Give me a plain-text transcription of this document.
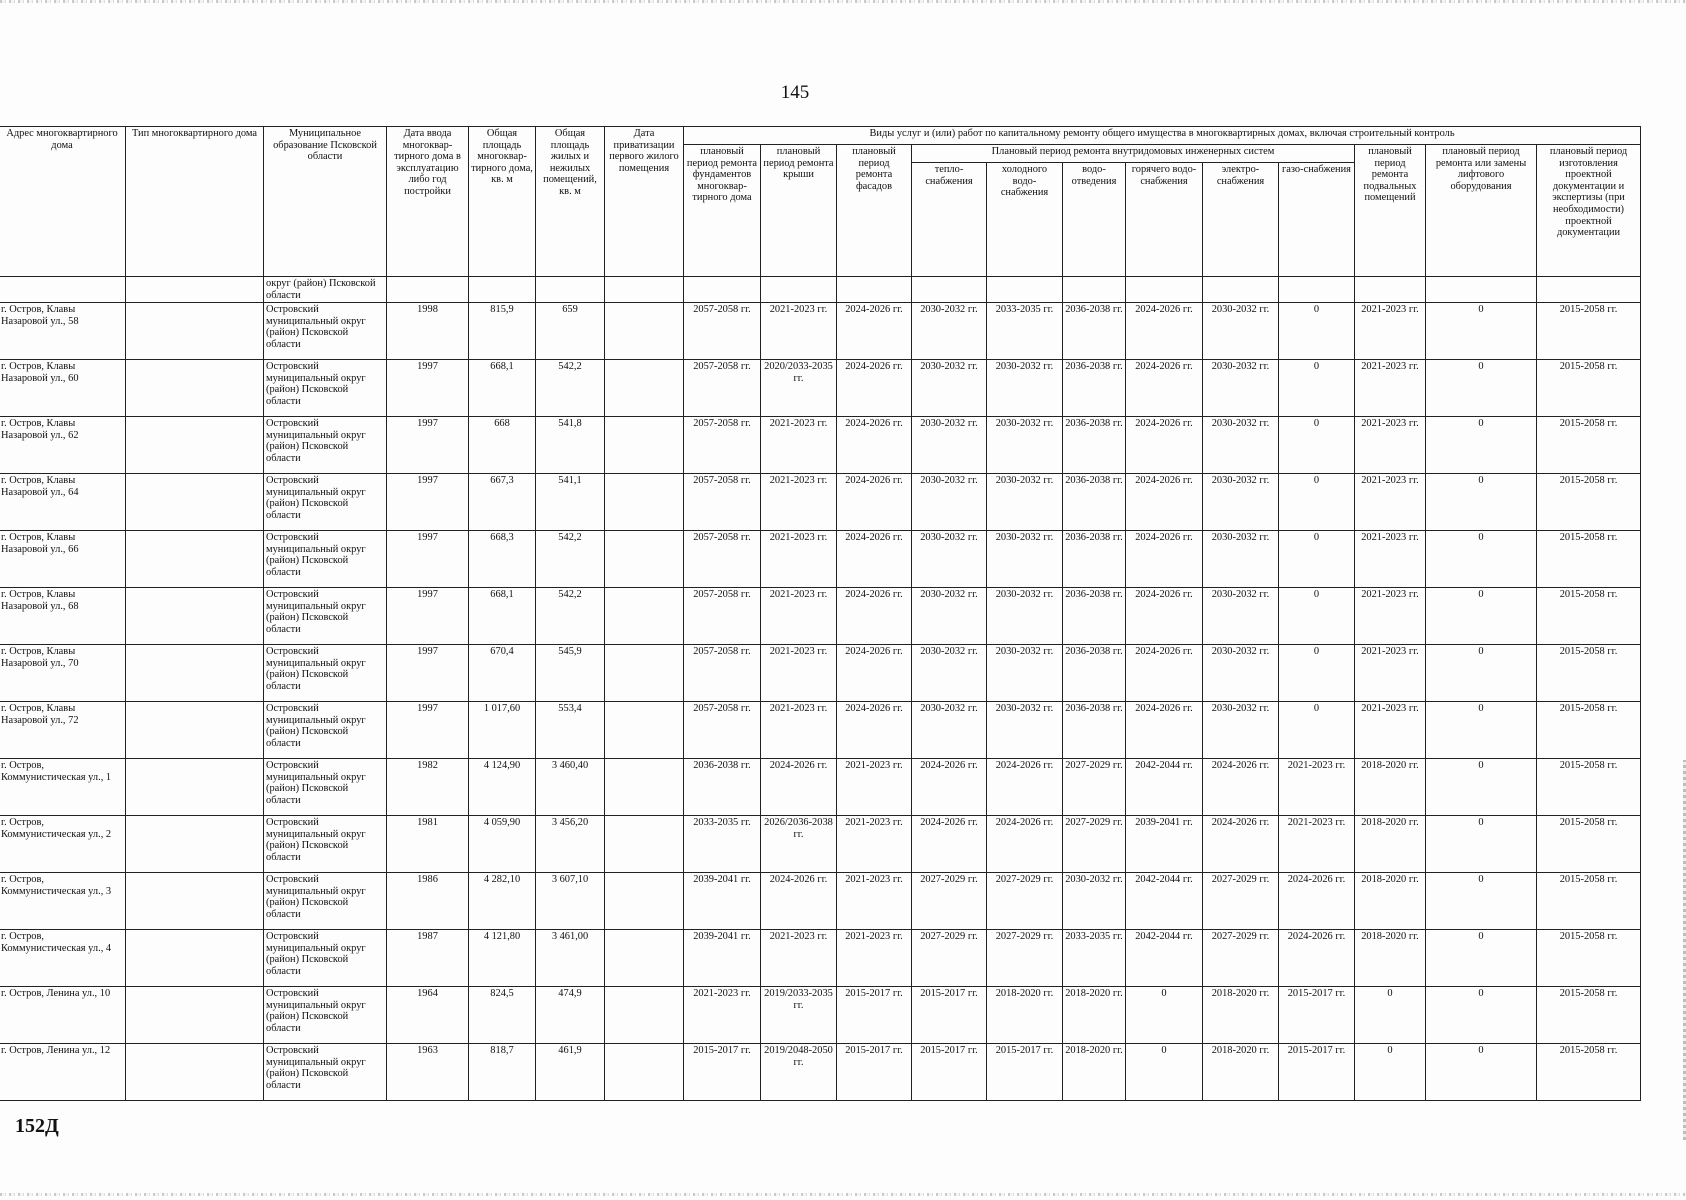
145
Адрес многоквартирного дома	Тип многоквартирного дома	Муниципальное образование Псковской области	Дата ввода многоквар-тирного дома в эксплуатацию либо год постройки	Общая площадь многоквар-тирного дома, кв. м	Общая площадь жилых и нежилых помещений, кв. м	Дата приватизации первого жилого помещения	Виды услуг и (или) работ по капитальному ремонту общего имущества в многоквартирных домах, включая строительный контроль											
							плановый период ремонта фундаментов многоквар-тирного дома	плановый период ремонта крыши	плановый период ремонта фасадов	Плановый период ремонта внутридомовых инженерных систем						плановый период ремонта подвальных помещений	плановый период ремонта или замены лифтового оборудования	плановый период изготовления проектной документации и экспертизы (при необходимости) проектной документации
										тепло-снабжения	холодного водо-снабжения	водо-отведения	горячего водо-снабжения	электро-снабжения	газо-снабжения			
		округ (район) Псковской области																
г. Остров, Клавы Назаровой ул., 58		Островский муниципальный округ (район) Псковской области	1998	815,9	659		2057-2058 гг.	2021-2023 гг.	2024-2026 гг.	2030-2032 гг.	2033-2035 гг.	2036-2038 гг.	2024-2026 гг.	2030-2032 гг.	0	2021-2023 гг.	0	2015-2058 гг.
г. Остров, Клавы Назаровой ул., 60		Островский муниципальный округ (район) Псковской области	1997	668,1	542,2		2057-2058 гг.	2020/2033-2035 гг.	2024-2026 гг.	2030-2032 гг.	2030-2032 гг.	2036-2038 гг.	2024-2026 гг.	2030-2032 гг.	0	2021-2023 гг.	0	2015-2058 гг.
г. Остров, Клавы Назаровой ул., 62		Островский муниципальный округ (район) Псковской области	1997	668	541,8		2057-2058 гг.	2021-2023 гг.	2024-2026 гг.	2030-2032 гг.	2030-2032 гг.	2036-2038 гг.	2024-2026 гг.	2030-2032 гг.	0	2021-2023 гг.	0	2015-2058 гг.
г. Остров, Клавы Назаровой ул., 64		Островский муниципальный округ (район) Псковской области	1997	667,3	541,1		2057-2058 гг.	2021-2023 гг.	2024-2026 гг.	2030-2032 гг.	2030-2032 гг.	2036-2038 гг.	2024-2026 гг.	2030-2032 гг.	0	2021-2023 гг.	0	2015-2058 гг.
г. Остров, Клавы Назаровой ул., 66		Островский муниципальный округ (район) Псковской области	1997	668,3	542,2		2057-2058 гг.	2021-2023 гг.	2024-2026 гг.	2030-2032 гг.	2030-2032 гг.	2036-2038 гг.	2024-2026 гг.	2030-2032 гг.	0	2021-2023 гг.	0	2015-2058 гг.
г. Остров, Клавы Назаровой ул., 68		Островский муниципальный округ (район) Псковской области	1997	668,1	542,2		2057-2058 гг.	2021-2023 гг.	2024-2026 гг.	2030-2032 гг.	2030-2032 гг.	2036-2038 гг.	2024-2026 гг.	2030-2032 гг.	0	2021-2023 гг.	0	2015-2058 гг.
г. Остров, Клавы Назаровой ул., 70		Островский муниципальный округ (район) Псковской области	1997	670,4	545,9		2057-2058 гг.	2021-2023 гг.	2024-2026 гг.	2030-2032 гг.	2030-2032 гг.	2036-2038 гг.	2024-2026 гг.	2030-2032 гг.	0	2021-2023 гг.	0	2015-2058 гг.
г. Остров, Клавы Назаровой ул., 72		Островский муниципальный округ (район) Псковской области	1997	1 017,60	553,4		2057-2058 гг.	2021-2023 гг.	2024-2026 гг.	2030-2032 гг.	2030-2032 гг.	2036-2038 гг.	2024-2026 гг.	2030-2032 гг.	0	2021-2023 гг.	0	2015-2058 гг.
г. Остров, Коммунистическая ул., 1		Островский муниципальный округ (район) Псковской области	1982	4 124,90	3 460,40		2036-2038 гг.	2024-2026 гг.	2021-2023 гг.	2024-2026 гг.	2024-2026 гг.	2027-2029 гг.	2042-2044 гг.	2024-2026 гг.	2021-2023 гг.	2018-2020 гг.	0	2015-2058 гг.
г. Остров, Коммунистическая ул., 2		Островский муниципальный округ (район) Псковской области	1981	4 059,90	3 456,20		2033-2035 гг.	2026/2036-2038 гг.	2021-2023 гг.	2024-2026 гг.	2024-2026 гг.	2027-2029 гг.	2039-2041 гг.	2024-2026 гг.	2021-2023 гг.	2018-2020 гг.	0	2015-2058 гг.
г. Остров, Коммунистическая ул., 3		Островский муниципальный округ (район) Псковской области	1986	4 282,10	3 607,10		2039-2041 гг.	2024-2026 гг.	2021-2023 гг.	2027-2029 гг.	2027-2029 гг.	2030-2032 гг.	2042-2044 гг.	2027-2029 гг.	2024-2026 гг.	2018-2020 гг.	0	2015-2058 гг.
г. Остров, Коммунистическая ул., 4		Островский муниципальный округ (район) Псковской области	1987	4 121,80	3 461,00		2039-2041 гг.	2021-2023 гг.	2021-2023 гг.	2027-2029 гг.	2027-2029 гг.	2033-2035 гг.	2042-2044 гг.	2027-2029 гг.	2024-2026 гг.	2018-2020 гг.	0	2015-2058 гг.
г. Остров, Ленина ул., 10		Островский муниципальный округ (район) Псковской области	1964	824,5	474,9		2021-2023 гг.	2019/2033-2035 гг.	2015-2017 гг.	2015-2017 гг.	2018-2020 гг.	2018-2020 гг.	0	2018-2020 гг.	2015-2017 гг.	0	0	2015-2058 гг.
г. Остров, Ленина ул., 12		Островский муниципальный округ (район) Псковской области	1963	818,7	461,9		2015-2017 гг.	2019/2048-2050 гг.	2015-2017 гг.	2015-2017 гг.	2015-2017 гг.	2018-2020 гг.	0	2018-2020 гг.	2015-2017 гг.	0	0	2015-2058 гг.
152Д
